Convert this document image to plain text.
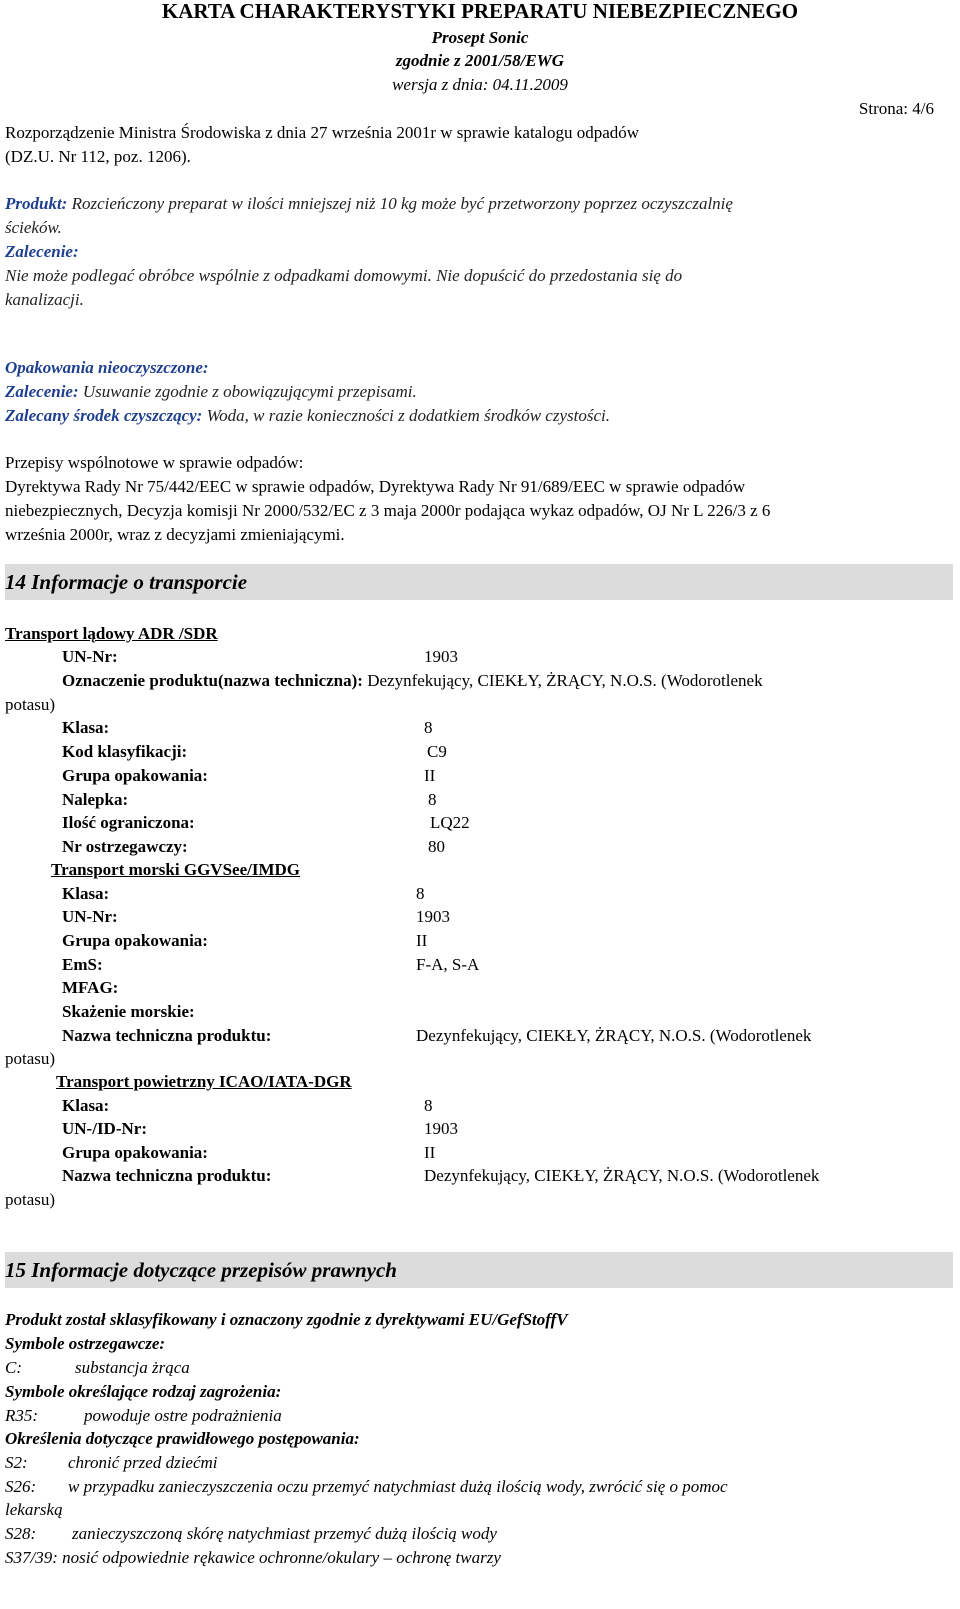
KARTA CHARAKTERYSTYKI PREPARATU NIEBEZPIECZNEGO
Prosept Sonic
zgodnie z 2001/58/EWG
wersja z dnia: 04.11.2009
Strona: 4/6
Rozporządzenie Ministra Środowiska z dnia 27 września 2001r w sprawie katalogu odpadów
(DZ.U. Nr 112, poz. 1206).
Produkt: Rozcieńczony preparat w ilości mniejszej niż 10 kg może być przetworzony poprzez oczyszczalnię
ścieków.
Zalecenie:
Nie może podlegać obróbce wspólnie z odpadkami domowymi. Nie dopuścić do przedostania się do
kanalizacji.
Opakowania nieoczyszczone:
Zalecenie: Usuwanie zgodnie z obowiązującymi przepisami.
Zalecany środek czyszczący: Woda, w razie konieczności z dodatkiem środków czystości.
Przepisy wspólnotowe w sprawie odpadów:
Dyrektywa Rady Nr 75/442/EEC w sprawie odpadów, Dyrektywa Rady Nr 91/689/EEC w sprawie odpadów
niebezpiecznych, Decyzja komisji Nr 2000/532/EC z 3 maja 2000r podająca wykaz odpadów, OJ Nr L 226/3 z 6
września 2000r, wraz z decyzjami zmieniającymi.
14 Informacje o transporcie
Transport lądowy ADR /SDR
UN-Nr:	1903
Oznaczenie produktu(nazwa techniczna): Dezynfekujący, CIEKŁY, ŻRĄCY, N.O.S. (Wodorotlenek
potasu)
Klasa:	8
Kod klasyfikacji:	C9
Grupa opakowania:	II
Nalepka:	8
Ilość ograniczona:	LQ22
Nr ostrzegawczy:	80
Transport morski GGVSee/IMDG
Klasa:	8
UN-Nr:	1903
Grupa opakowania:	II
EmS:	F-A, S-A
MFAG:
Skażenie morskie:
Nazwa techniczna produktu:	Dezynfekujący, CIEKŁY, ŻRĄCY, N.O.S. (Wodorotlenek
potasu)
Transport powietrzny ICAO/IATA-DGR
Klasa:	8
UN-/ID-Nr:	1903
Grupa opakowania:	II
Nazwa techniczna produktu:	Dezynfekujący, CIEKŁY, ŻRĄCY, N.O.S. (Wodorotlenek
potasu)
15 Informacje dotyczące przepisów prawnych
Produkt został sklasyfikowany i oznaczony zgodnie z dyrektywami EU/GefStoffV
Symbole ostrzegawcze:
C:	substancja żrąca
Symbole określające rodzaj zagrożenia:
R35:	powoduje ostre podrażnienia
Określenia dotyczące prawidłowego postępowania:
S2: chronić przed dziećmi
S26: w przypadku zanieczyszczenia oczu przemyć natychmiast dużą ilością wody, zwrócić się o pomoc
lekarską
S28: zanieczyszczoną skórę natychmiast przemyć dużą ilością wody
S37/39: nosić odpowiednie rękawice ochronne/okulary – ochronę twarzy
